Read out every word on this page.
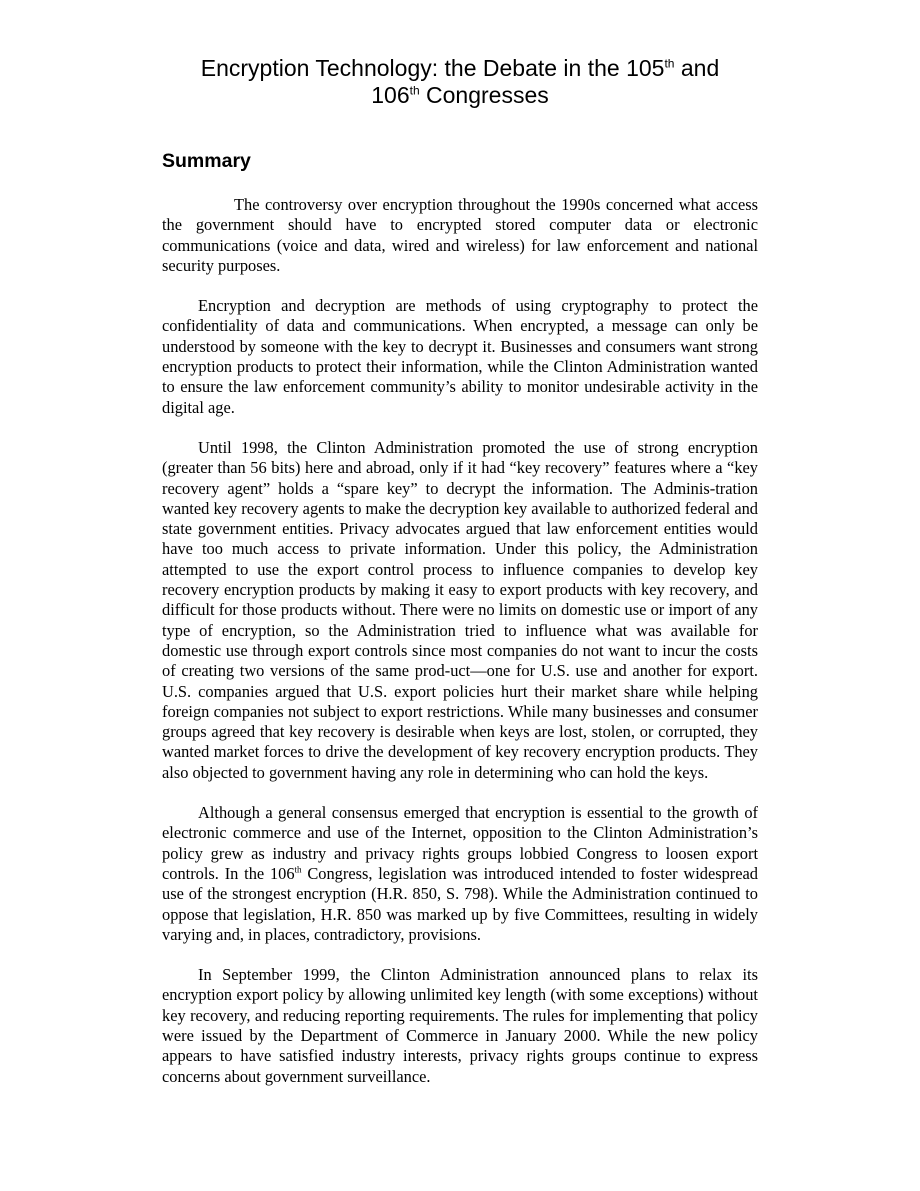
Encryption Technology: the Debate in the 105th and
106th Congresses
Summary

The controversy over encryption throughout the 1990s concerned what access the government should have to encrypted stored computer data or electronic communications (voice and data, wired and wireless) for law enforcement and national security purposes.

Encryption and decryption are methods of using cryptography to protect the confidentiality of data and communications. When encrypted, a message can only be understood by someone with the key to decrypt it. Businesses and consumers want strong encryption products to protect their information, while the Clinton Administration wanted to ensure the law enforcement community’s ability to monitor undesirable activity in the digital age.

Until 1998, the Clinton Administration promoted the use of strong encryption (greater than 56 bits) here and abroad, only if it had “key recovery” features where a “key recovery agent” holds a “spare key” to decrypt the information. The Adminis-tration wanted key recovery agents to make the decryption key available to authorized federal and state government entities. Privacy advocates argued that law enforcement entities would have too much access to private information. Under this policy, the Administration attempted to use the export control process to influence companies to develop key recovery encryption products by making it easy to export products with key recovery, and difficult for those products without. There were no limits on domestic use or import of any type of encryption, so the Administration tried to influence what was available for domestic use through export controls since most companies do not want to incur the costs of creating two versions of the same prod-uct—one for U.S. use and another for export. U.S. companies argued that U.S. export policies hurt their market share while helping foreign companies not subject to export restrictions. While many businesses and consumer groups agreed that key recovery is desirable when keys are lost, stolen, or corrupted, they wanted market forces to drive the development of key recovery encryption products. They also objected to government having any role in determining who can hold the keys.

Although a general consensus emerged that encryption is essential to the growth of electronic commerce and use of the Internet, opposition to the Clinton Administration’s policy grew as industry and privacy rights groups lobbied Congress to loosen export controls. In the 106th Congress, legislation was introduced intended to foster widespread use of the strongest encryption (H.R. 850, S. 798). While the Administration continued to oppose that legislation, H.R. 850 was marked up by five Committees, resulting in widely varying and, in places, contradictory, provisions.

In September 1999, the Clinton Administration announced plans to relax its encryption export policy by allowing unlimited key length (with some exceptions) without key recovery, and reducing reporting requirements. The rules for implementing that policy were issued by the Department of Commerce in January 2000. While the new policy appears to have satisfied industry interests, privacy rights groups continue to express concerns about government surveillance.
